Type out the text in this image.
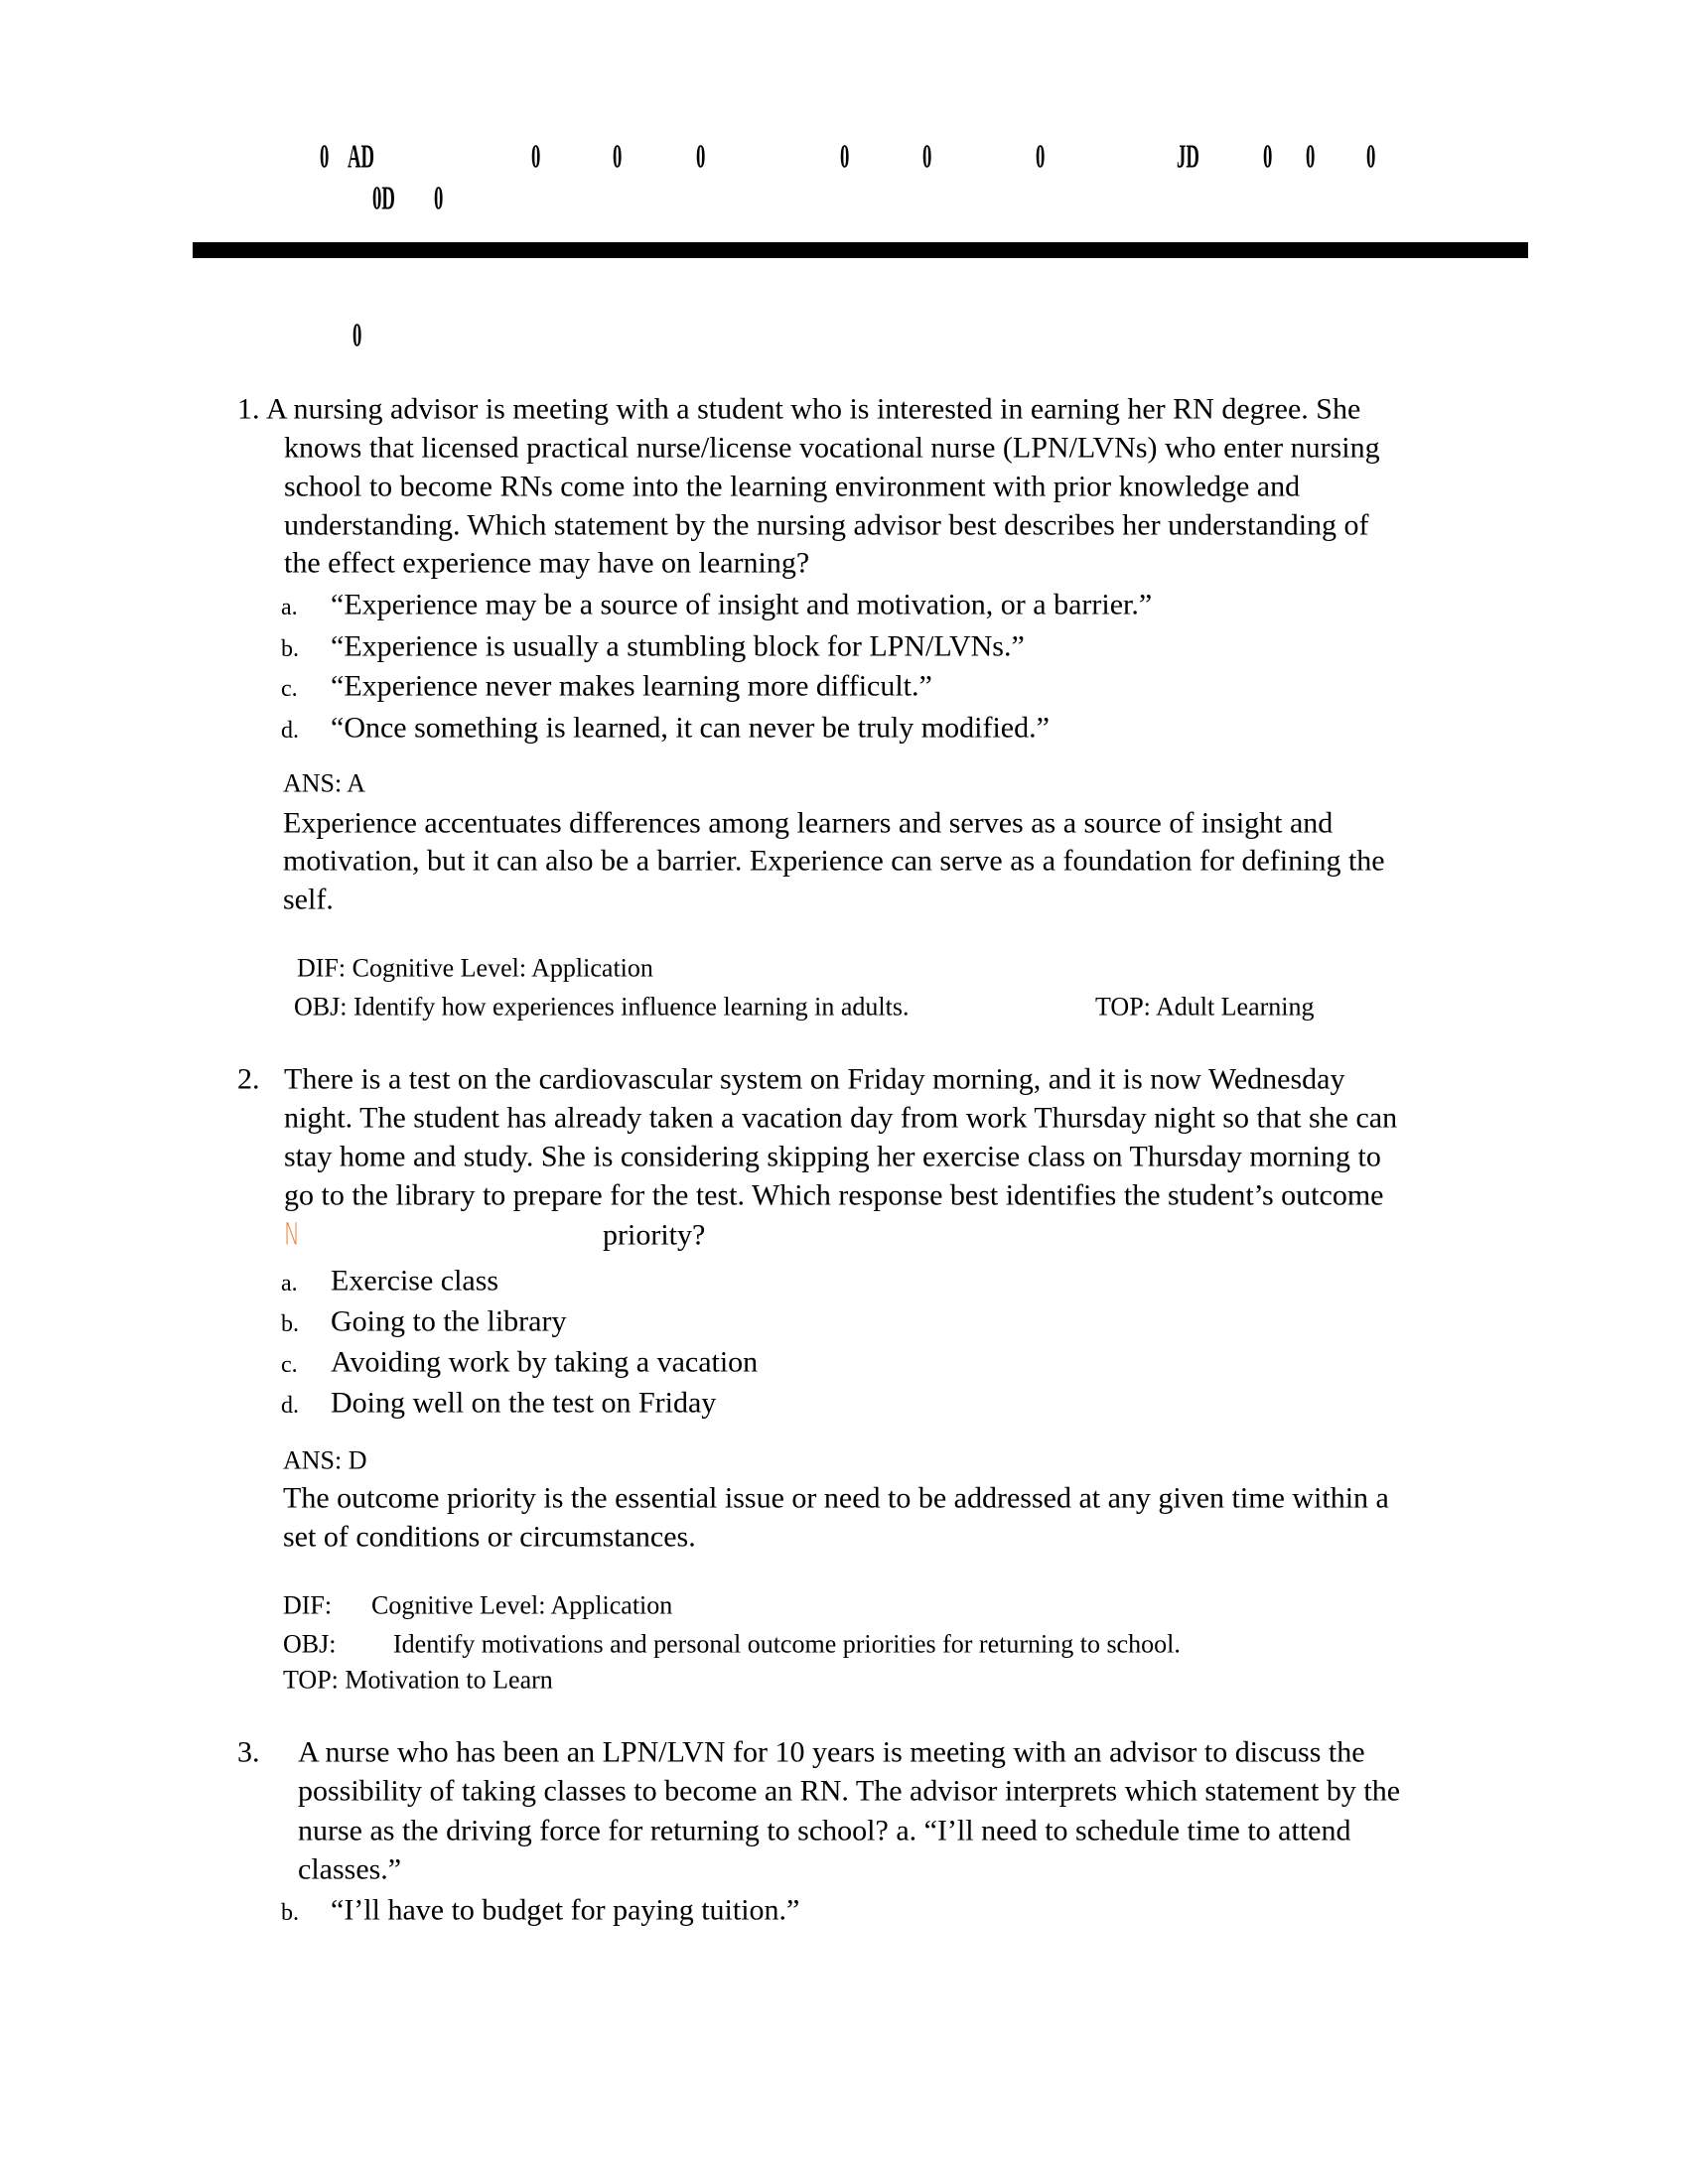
0 AD	0 0 0	0 0	0	JD 0 0 0
0D 0
0
1. A nursing advisor is meeting with a student who is interested in earning her RN degree. She
knows that licensed practical nurse/license vocational nurse (LPN/LVNs) who enter nursing
school to become RNs come into the learning environment with prior knowledge and
understanding. Which statement by the nursing advisor best describes her understanding of
the effect experience may have on learning?
a. “Experience may be a source of insight and motivation, or a barrier.”
b. “Experience is usually a stumbling block for LPN/LVNs.”
c. “Experience never makes learning more difficult.”
d. “Once something is learned, it can never be truly modified.”
ANS: A
Experience accentuates differences among learners and serves as a source of insight and
motivation, but it can also be a barrier. Experience can serve as a foundation for defining the
self.
DIF: Cognitive Level: Application
OBJ: Identify how experiences influence learning in adults.	TOP: Adult Learning
2. There is a test on the cardiovascular system on Friday morning, and it is now Wednesday
night. The student has already taken a vacation day from work Thursday night so that she can
stay home and study. She is considering skipping her exercise class on Thursday morning to
go to the library to prepare for the test. Which response best identifies the student’s outcome
N	priority?
a. Exercise class
b. Going to the library
c. Avoiding work by taking a vacation
d. Doing well on the test on Friday
ANS: D
The outcome priority is the essential issue or need to be addressed at any given time within a
set of conditions or circumstances.
DIF: Cognitive Level: Application
OBJ: Identify motivations and personal outcome priorities for returning to school.
TOP: Motivation to Learn
3. A nurse who has been an LPN/LVN for 10 years is meeting with an advisor to discuss the
possibility of taking classes to become an RN. The advisor interprets which statement by the
nurse as the driving force for returning to school? a. “I’ll need to schedule time to attend
classes.”
b. “I’ll have to budget for paying tuition.”
